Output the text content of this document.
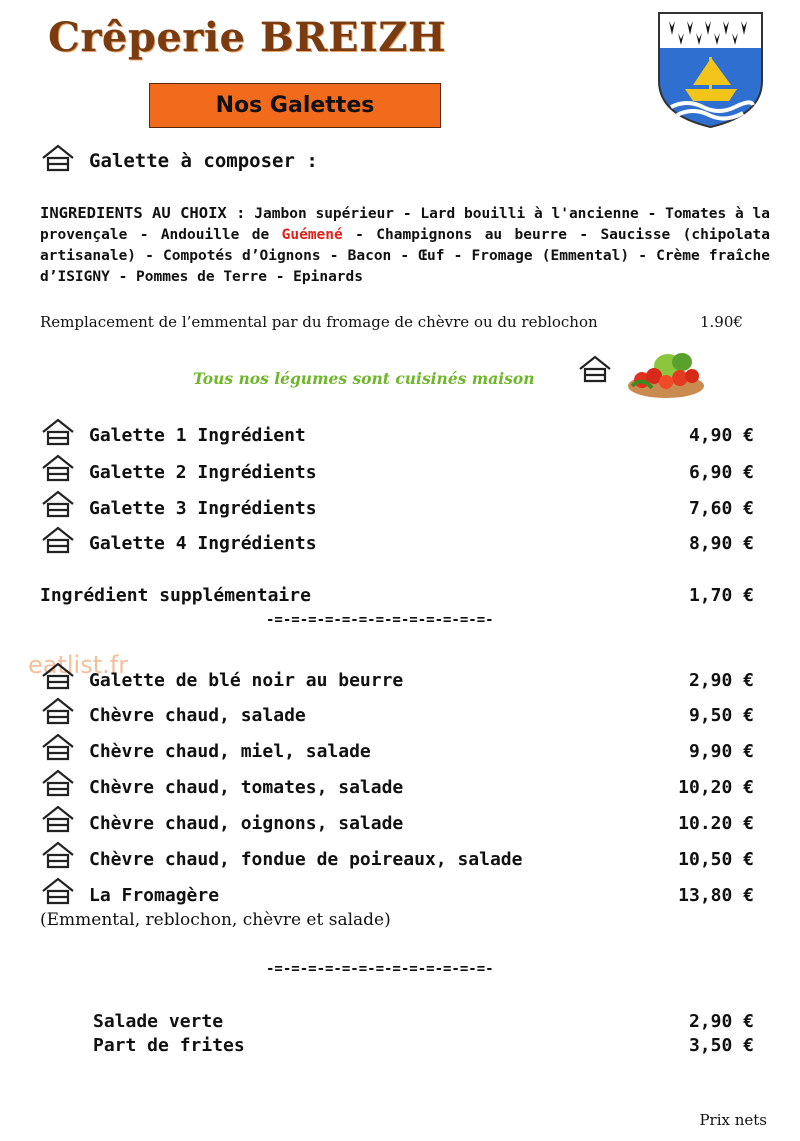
Crêperie BREIZH
Nos Galettes
Galette à composer :
INGREDIENTS AU CHOIX : Jambon supérieur - Lard bouilli à l'ancienne - Tomates à la provençale - Andouille de Guémené - Champignons au beurre - Saucisse (chipolata artisanale) - Compotés d’Oignons - Bacon - Œuf - Fromage (Emmental) - Crème fraîche d’ISIGNY - Pommes de Terre - Epinards
Remplacement de l’emmental par du fromage de chèvre ou du reblochon	1.90€
Tous nos légumes sont cuisinés maison
Galette 1 Ingrédient	4,90 €
Galette 2 Ingrédients	6,90 €
Galette 3 Ingrédients	7,60 €
Galette 4 Ingrédients	8,90 €
Ingrédient supplémentaire	1,70 €
-=-=-=-=-=-=-=-=-=-=-=-=-=-
eatlist.fr
Galette de blé noir au beurre	2,90 €
Chèvre chaud, salade	9,50 €
Chèvre chaud, miel, salade	9,90 €
Chèvre chaud, tomates, salade	10,20 €
Chèvre chaud, oignons, salade	10.20 €
Chèvre chaud, fondue de poireaux, salade	10,50 €
La Fromagère	13,80 €
(Emmental, reblochon, chèvre et salade)
-=-=-=-=-=-=-=-=-=-=-=-=-=-
Salade verte	2,90 €
Part de frites	3,50 €
Prix nets
